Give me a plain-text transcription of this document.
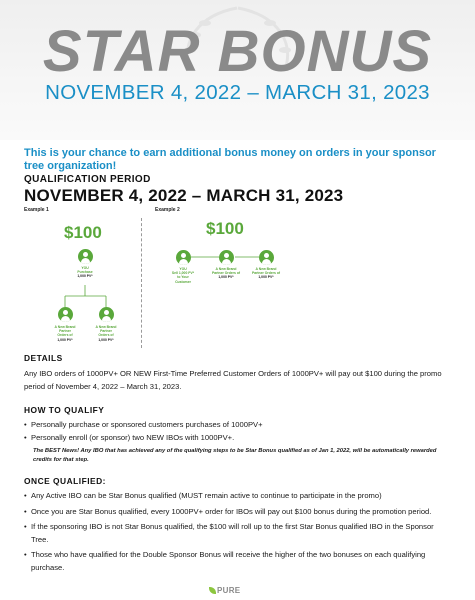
STAR BONUS
NOVEMBER 4, 2022 – MARCH 31, 2023
This is your chance to earn additional bonus money on orders in your sponsor tree organization!
QUALIFICATION PERIOD
NOVEMBER 4, 2022 – MARCH 31, 2023
Example 1
$100
YOU
Purchase
1,000 PV*
A New Brand
Partner
Orders of
1,000 PV*
A New Brand
Partner
Orders of
1,000 PV*
Example 2
$100
YOU
Sell 1,000 PV*
to Your
Customer
A New Brand
Partner Orders of
1,000 PV*
A New Brand
Partner Orders of
1,000 PV*
DETAILS
Any IBO orders of 1000PV+ OR NEW First-Time Preferred Customer Orders of 1000PV+ will pay out $100 during the promo period of November 4, 2022 – March 31, 2023.
HOW TO QUALIFY
• Personally purchase or sponsored customers purchases of 1000PV+
• Personally enroll (or sponsor) two NEW IBOs with 1000PV+.
The BEST News! Any IBO that has achieved any of the qualifying steps to be Star Bonus qualified as of Jan 1, 2022, will be automatically rewarded credits for that step.
ONCE QUALIFIED:
• Any Active IBO can be Star Bonus qualified (MUST remain active to continue to participate in the promo)
• Once you are Star Bonus qualified, every 1000PV+ order for IBOs will pay out $100 bonus during the promotion period.
• If the sponsoring IBO is not Star Bonus qualified, the $100 will roll up to the first Star Bonus qualified IBO in the Sponsor Tree.
• Those who have qualified for the Double Sponsor Bonus will receive the higher of the two bonuses on each qualifying purchase.
PURE
